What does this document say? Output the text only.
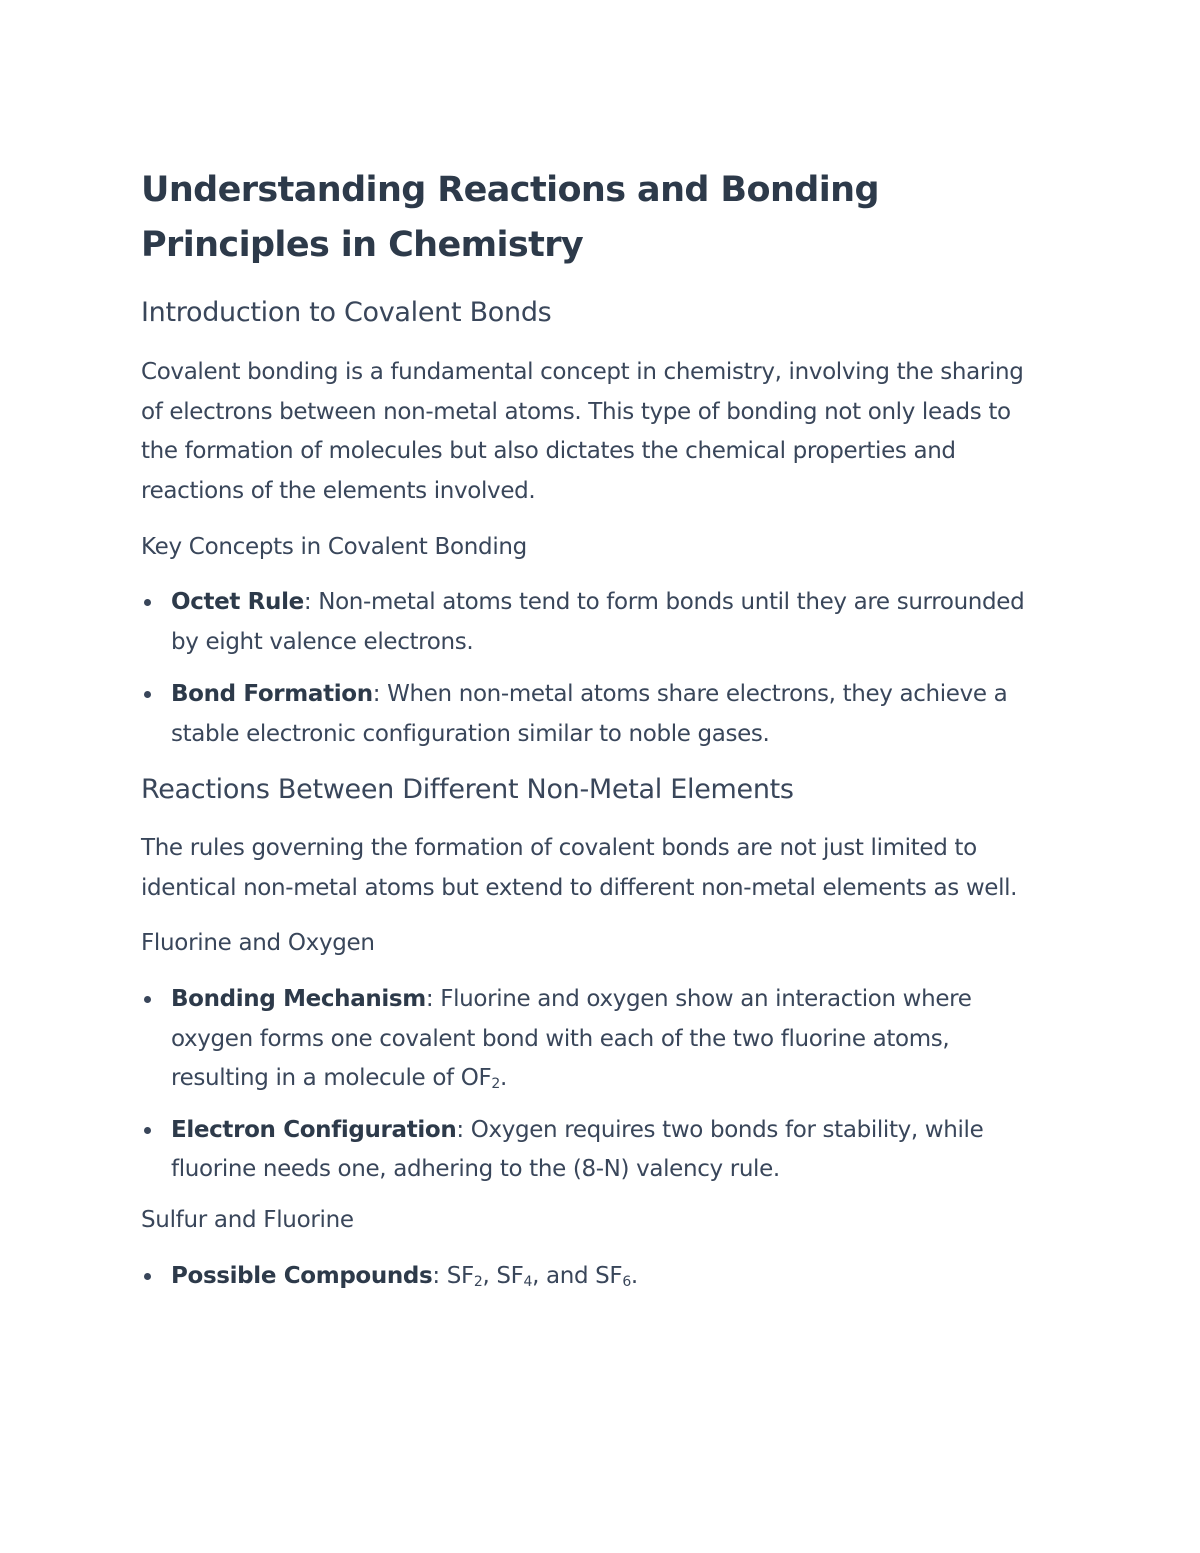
Understanding Reactions and Bonding Principles in Chemistry
Introduction to Covalent Bonds

Covalent bonding is a fundamental concept in chemistry, involving the sharing of electrons between non-metal atoms. This type of bonding not only leads to the formation of molecules but also dictates the chemical properties and reactions of the elements involved.

Key Concepts in Covalent Bonding
Octet Rule: Non-metal atoms tend to form bonds until they are surrounded by eight valence electrons.
Bond Formation: When non-metal atoms share electrons, they achieve a stable electronic configuration similar to noble gases.
Reactions Between Different Non-Metal Elements

The rules governing the formation of covalent bonds are not just limited to identical non-metal atoms but extend to different non-metal elements as well.

Fluorine and Oxygen
Bonding Mechanism: Fluorine and oxygen show an interaction where oxygen forms one covalent bond with each of the two fluorine atoms, resulting in a molecule of $OF_2$.
Electron Configuration: Oxygen requires two bonds for stability, while fluorine needs one, adhering to the (8-N) valency rule.
Sulfur and Fluorine
Possible Compounds: $SF_2$, $SF_4$, and $SF_6$.
